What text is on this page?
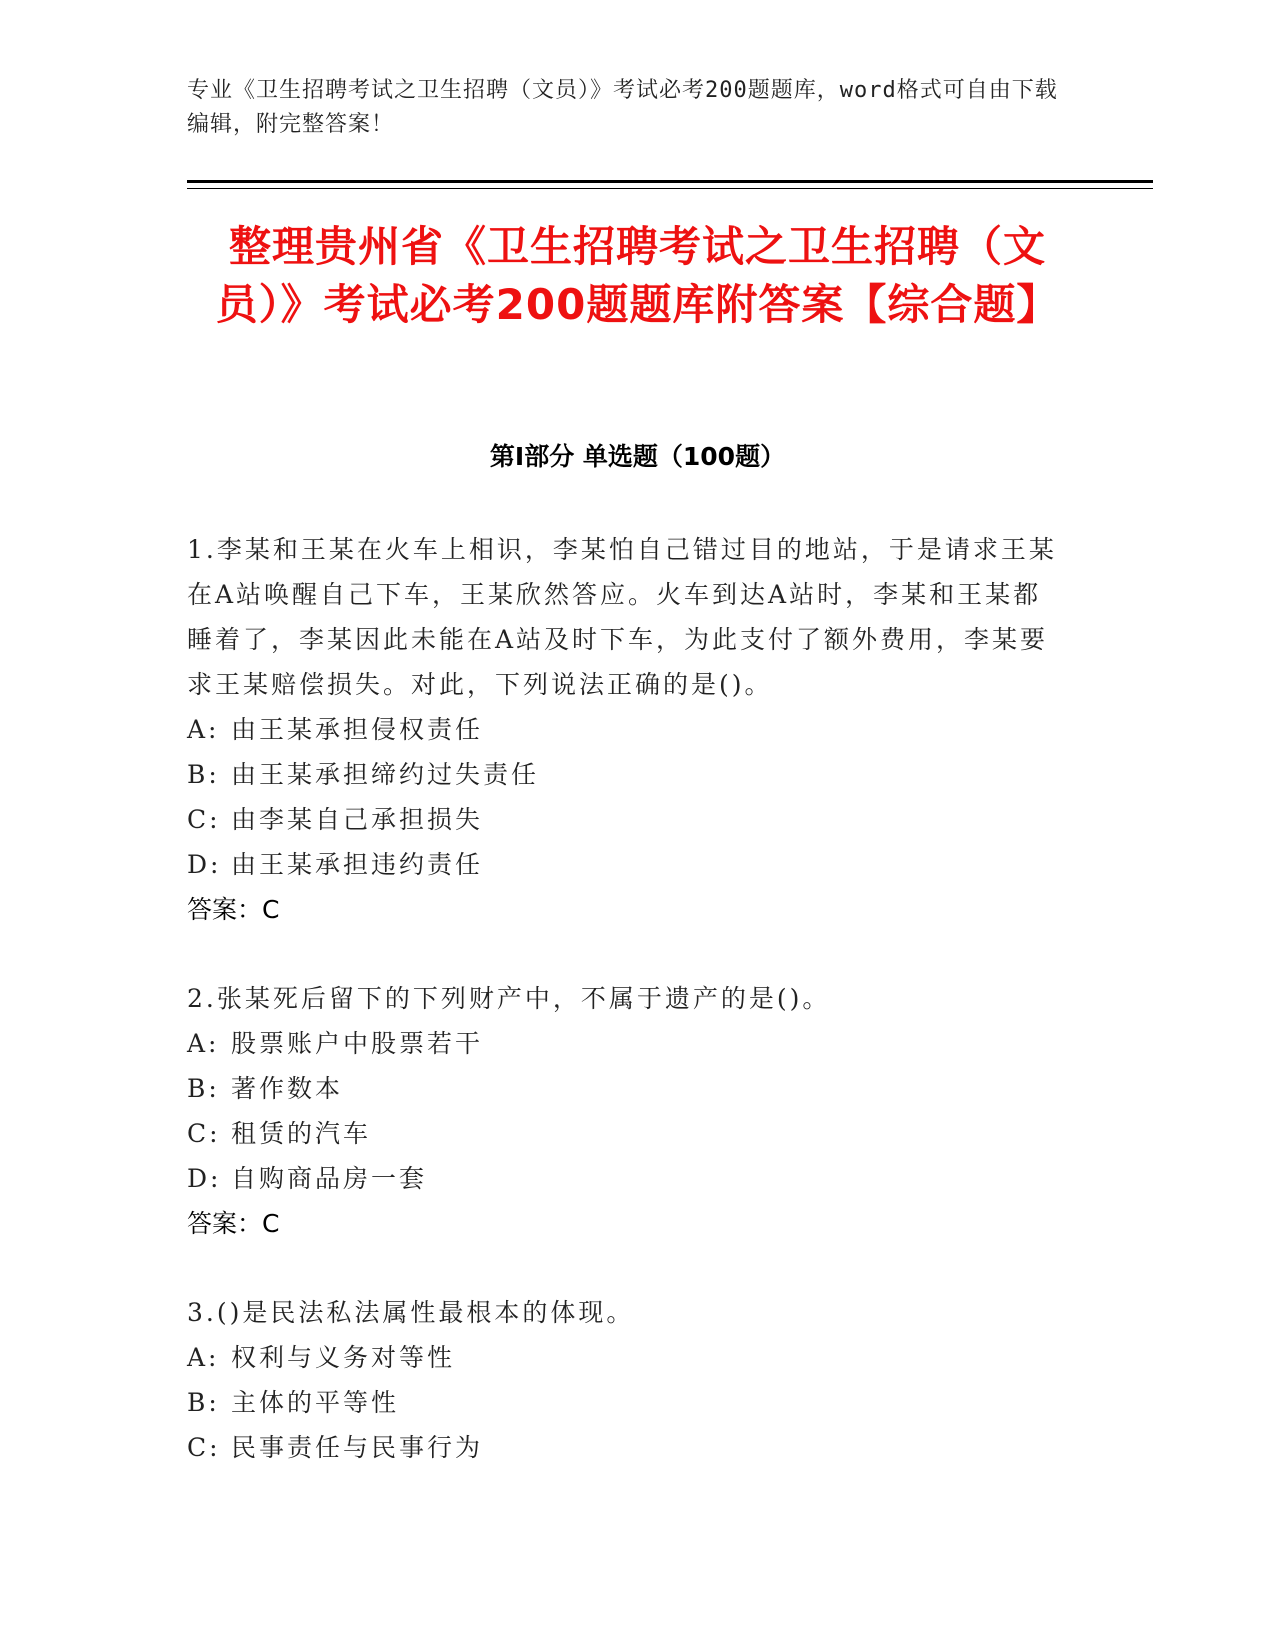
专业《卫生招聘考试之卫生招聘（文员）》考试必考200题题库，word格式可自由下载编辑，附完整答案！
整理贵州省《卫生招聘考试之卫生招聘（文员）》考试必考200题题库附答案【综合题】
第Ⅰ部分 单选题（100题）
1.李某和王某在火车上相识，李某怕自己错过目的地站，于是请求王某在A站唤醒自己下车，王某欣然答应。火车到达A站时，李某和王某都睡着了，李某因此未能在A站及时下车，为此支付了额外费用，李某要求王某赔偿损失。对此，下列说法正确的是()。
A: 由王某承担侵权责任
B: 由王某承担缔约过失责任
C: 由李某自己承担损失
D: 由王某承担违约责任
答案：C
2.张某死后留下的下列财产中，不属于遗产的是()。
A: 股票账户中股票若干
B: 著作数本
C: 租赁的汽车
D: 自购商品房一套
答案：C
3.()是民法私法属性最根本的体现。
A: 权利与义务对等性
B: 主体的平等性
C: 民事责任与民事行为
